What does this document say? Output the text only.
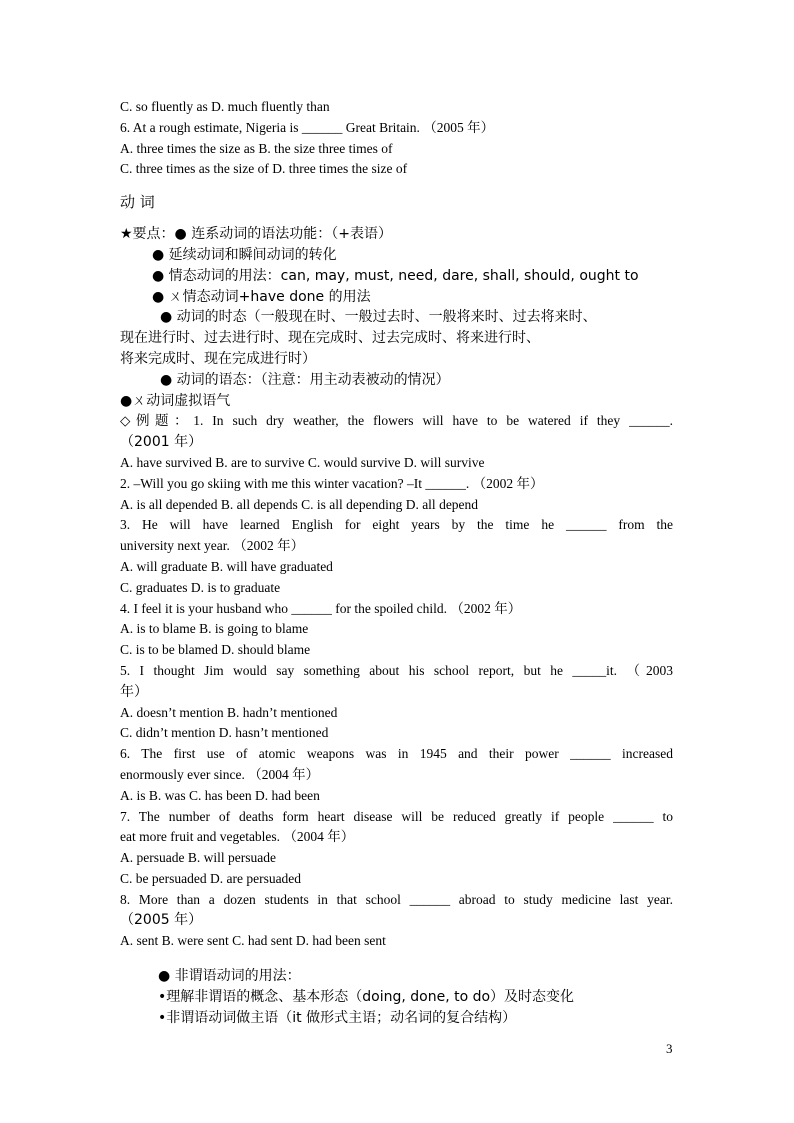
C. so fluently as D. much fluently than
6. At a rough estimate, Nigeria is ______ Great Britain. （2005 年）
A. three times the size as B. the size three times of
C. three times as the size of D. three times the size of
动 词
★要点：● 连系动词的语法功能：（+表语）
● 延续动词和瞬间动词的转化
● 情态动词的用法：can, may, must, need, dare, shall, should, ought to
● ㄨ情态动词+have done 的用法
● 动词的时态（一般现在时、一般过去时、一般将来时、过去将来时、
现在进行时、过去进行时、现在完成时、过去完成时、将来进行时、
将来完成时、现在完成进行时）
● 动词的语态：（注意：用主动表被动的情况）
●ㄨ动词虚拟语气
◇例题：1. In such dry weather, the flowers will have to be watered if they ______.
（2001 年）
A. have survived B. are to survive C. would survive D. will survive
2. –Will you go skiing with me this winter vacation? –It ______. （2002 年）
A. is all depended B. all depends C. is all depending D. all depend
3. He will have learned English for eight years by the time he ______ from the
university next year. （2002 年）
A. will graduate B. will have graduated
C. graduates D. is to graduate
4. I feel it is your husband who ______ for the spoiled child. （2002 年）
A. is to blame B. is going to blame
C. is to be blamed D. should blame
5. I thought Jim would say something about his school report, but he _____it. （2003
年）
A. doesn’t mention B. hadn’t mentioned
C. didn’t mention D. hasn’t mentioned
6. The first use of atomic weapons was in 1945 and their power ______ increased
enormously ever since. （2004 年）
A. is B. was C. has been D. had been
7. The number of deaths form heart disease will be reduced greatly if people ______ to
eat more fruit and vegetables. （2004 年）
A. persuade B. will persuade
C. be persuaded D. are persuaded
8. More than a dozen students in that school ______ abroad to study medicine last year.
（2005 年）
A. sent B. were sent C. had sent D. had been sent
● 非谓语动词的用法：
•理解非谓语的概念、基本形态（doing, done, to do）及时态变化
•非谓语动词做主语（it 做形式主语；动名词的复合结构）
3
